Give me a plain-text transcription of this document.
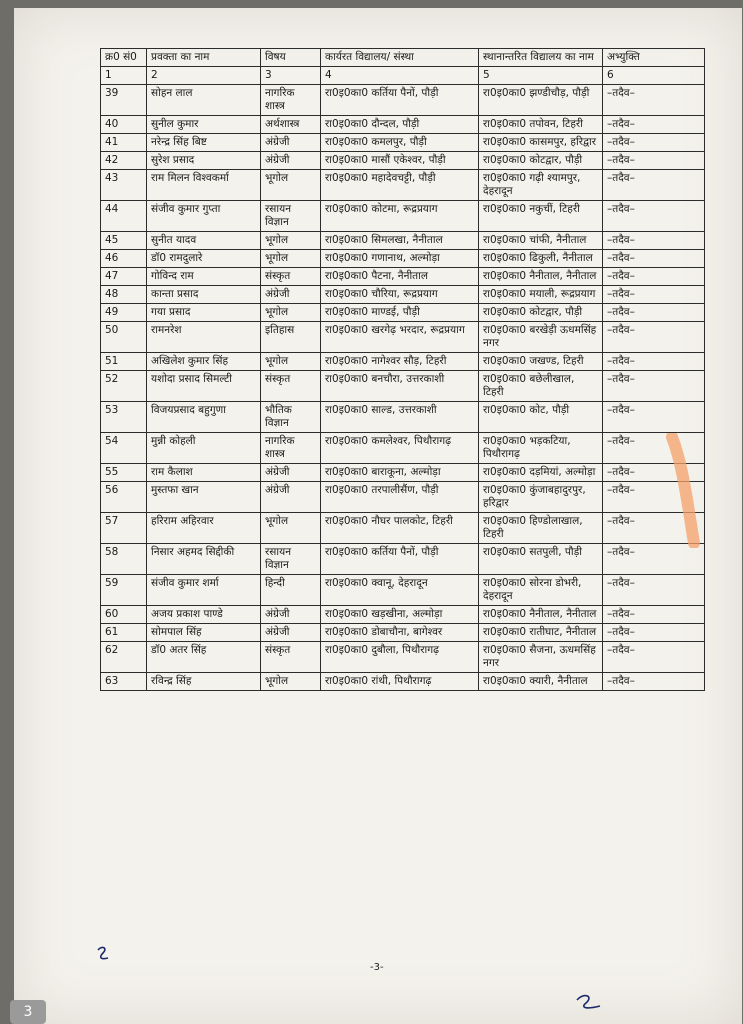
क्र0 सं0	प्रवक्ता का नाम	विषय	कार्यरत विद्यालय/ संस्था	स्थानान्तरित विद्यालय का नाम	अभ्युक्ति
1	2	3	4	5	6
39	सोहन लाल	नागरिक शास्त्र	रा0इ0का0 कर्तिया पैनों, पौड़ी	रा0इ0का0 झण्डीचौड़, पौड़ी	–तदैव–
40	सुनील कुमार	अर्थशास्त्र	रा0इ0का0 दौन्दल, पौड़ी	रा0इ0का0 तपोवन, टिहरी	–तदैव–
41	नरेन्द्र सिंह बिष्ट	अंग्रेजी	रा0इ0का0 कमलपुर, पौड़ी	रा0इ0का0 कासमपुर, हरिद्वार	–तदैव–
42	सुरेश प्रसाद	अंग्रेजी	रा0इ0का0 मासौं एकेश्वर, पौड़ी	रा0इ0का0 कोटद्वार, पौड़ी	–तदैव–
43	राम मिलन विश्वकर्मा	भूगोल	रा0इ0का0 महादेवचट्टी, पौड़ी	रा0इ0का0 गढ़ी श्यामपुर, देहरादून	–तदैव–
44	संजीव कुमार गुप्ता	रसायन विज्ञान	रा0इ0का0 कोटमा, रूद्रप्रयाग	रा0इ0का0 नकुचीं, टिहरी	–तदैव–
45	सुनीत यादव	भूगोल	रा0इ0का0 सिमलखा, नैनीताल	रा0इ0का0 चांफी, नैनीताल	–तदैव–
46	डॉ0 रामदुलारे	भूगोल	रा0इ0का0 गणानाथ, अल्मोड़ा	रा0इ0का0 ढिकुली, नैनीताल	–तदैव–
47	गोविन्द राम	संस्कृत	रा0इ0का0 पैटना, नैनीताल	रा0इ0का0 नैनीताल, नैनीताल	–तदैव–
48	कान्ता प्रसाद	अंग्रेजी	रा0इ0का0 चौरिया, रूद्रप्रयाग	रा0इ0का0 मयाली, रूद्रप्रयाग	–तदैव–
49	गया प्रसाद	भूगोल	रा0इ0का0 माण्डई, पौड़ी	रा0इ0का0 कोटद्वार, पौड़ी	–तदैव–
50	रामनरेश	इतिहास	रा0इ0का0 खरगेढ़ भरदार, रूद्रप्रयाग	रा0इ0का0 बरखेड़ी ऊधमसिंह नगर	–तदैव–
51	अखिलेश कुमार सिंह	भूगोल	रा0इ0का0 नागेश्वर सौड़, टिहरी	रा0इ0का0 जखण्ड, टिहरी	–तदैव–
52	यशोदा प्रसाद सिमल्टी	संस्कृत	रा0इ0का0 बनचौरा, उत्तरकाशी	रा0इ0का0 बछेलीखाल, टिहरी	–तदैव–
53	विजयप्रसाद बहुगुणा	भौतिक विज्ञान	रा0इ0का0 साल्ड, उत्तरकाशी	रा0इ0का0 कोट, पौड़ी	–तदैव–
54	मुन्नी कोहली	नागरिक शास्त्र	रा0इ0का0 कमलेश्वर, पिथौरागढ़	रा0इ0का0 भड़कटिया, पिथौरागढ़	–तदैव–
55	राम कैलाश	अंग्रेजी	रा0इ0का0 बाराकूना, अल्मोड़ा	रा0इ0का0 दड़मियां, अल्मोड़ा	–तदैव–
56	मुस्तफा खान	अंग्रेजी	रा0इ0का0 तरपालीसैंण, पौड़ी	रा0इ0का0 कुंजाबहादुरपुर, हरिद्वार	–तदैव–
57	हरिराम अहिरवार	भूगोल	रा0इ0का0 नौघर पालकोट, टिहरी	रा0इ0का0 हिण्डोलाखाल, टिहरी	–तदैव–
58	निसार अहमद सिद्दीकी	रसायन विज्ञान	रा0इ0का0 कर्तिया पैनों, पौड़ी	रा0इ0का0 सतपुली, पौड़ी	–तदैव–
59	संजीव कुमार शर्मा	हिन्दी	रा0इ0का0 क्वानू, देहरादून	रा0इ0का0 सोरना डोभरी, देहरादून	–तदैव–
60	अजय प्रकाश पाण्डे	अंग्रेजी	रा0इ0का0 खड़खीना, अल्मोड़ा	रा0इ0का0 नैनीताल, नैनीताल	–तदैव–
61	सोमपाल सिंह	अंग्रेजी	रा0इ0का0 डोबाचौना, बागेश्वर	रा0इ0का0 रातीघाट, नैनीताल	–तदैव–
62	डॉ0 अतर सिंह	संस्कृत	रा0इ0का0 दुबौला, पिथौरागढ़	रा0इ0का0 सैजना, ऊधमसिंह नगर	–तदैव–
63	रविन्द्र सिंह	भूगोल	रा0इ0का0 रांथी, पिथौरागढ़	रा0इ0का0 क्यारी, नैनीताल	–तदैव–
-3-
3
